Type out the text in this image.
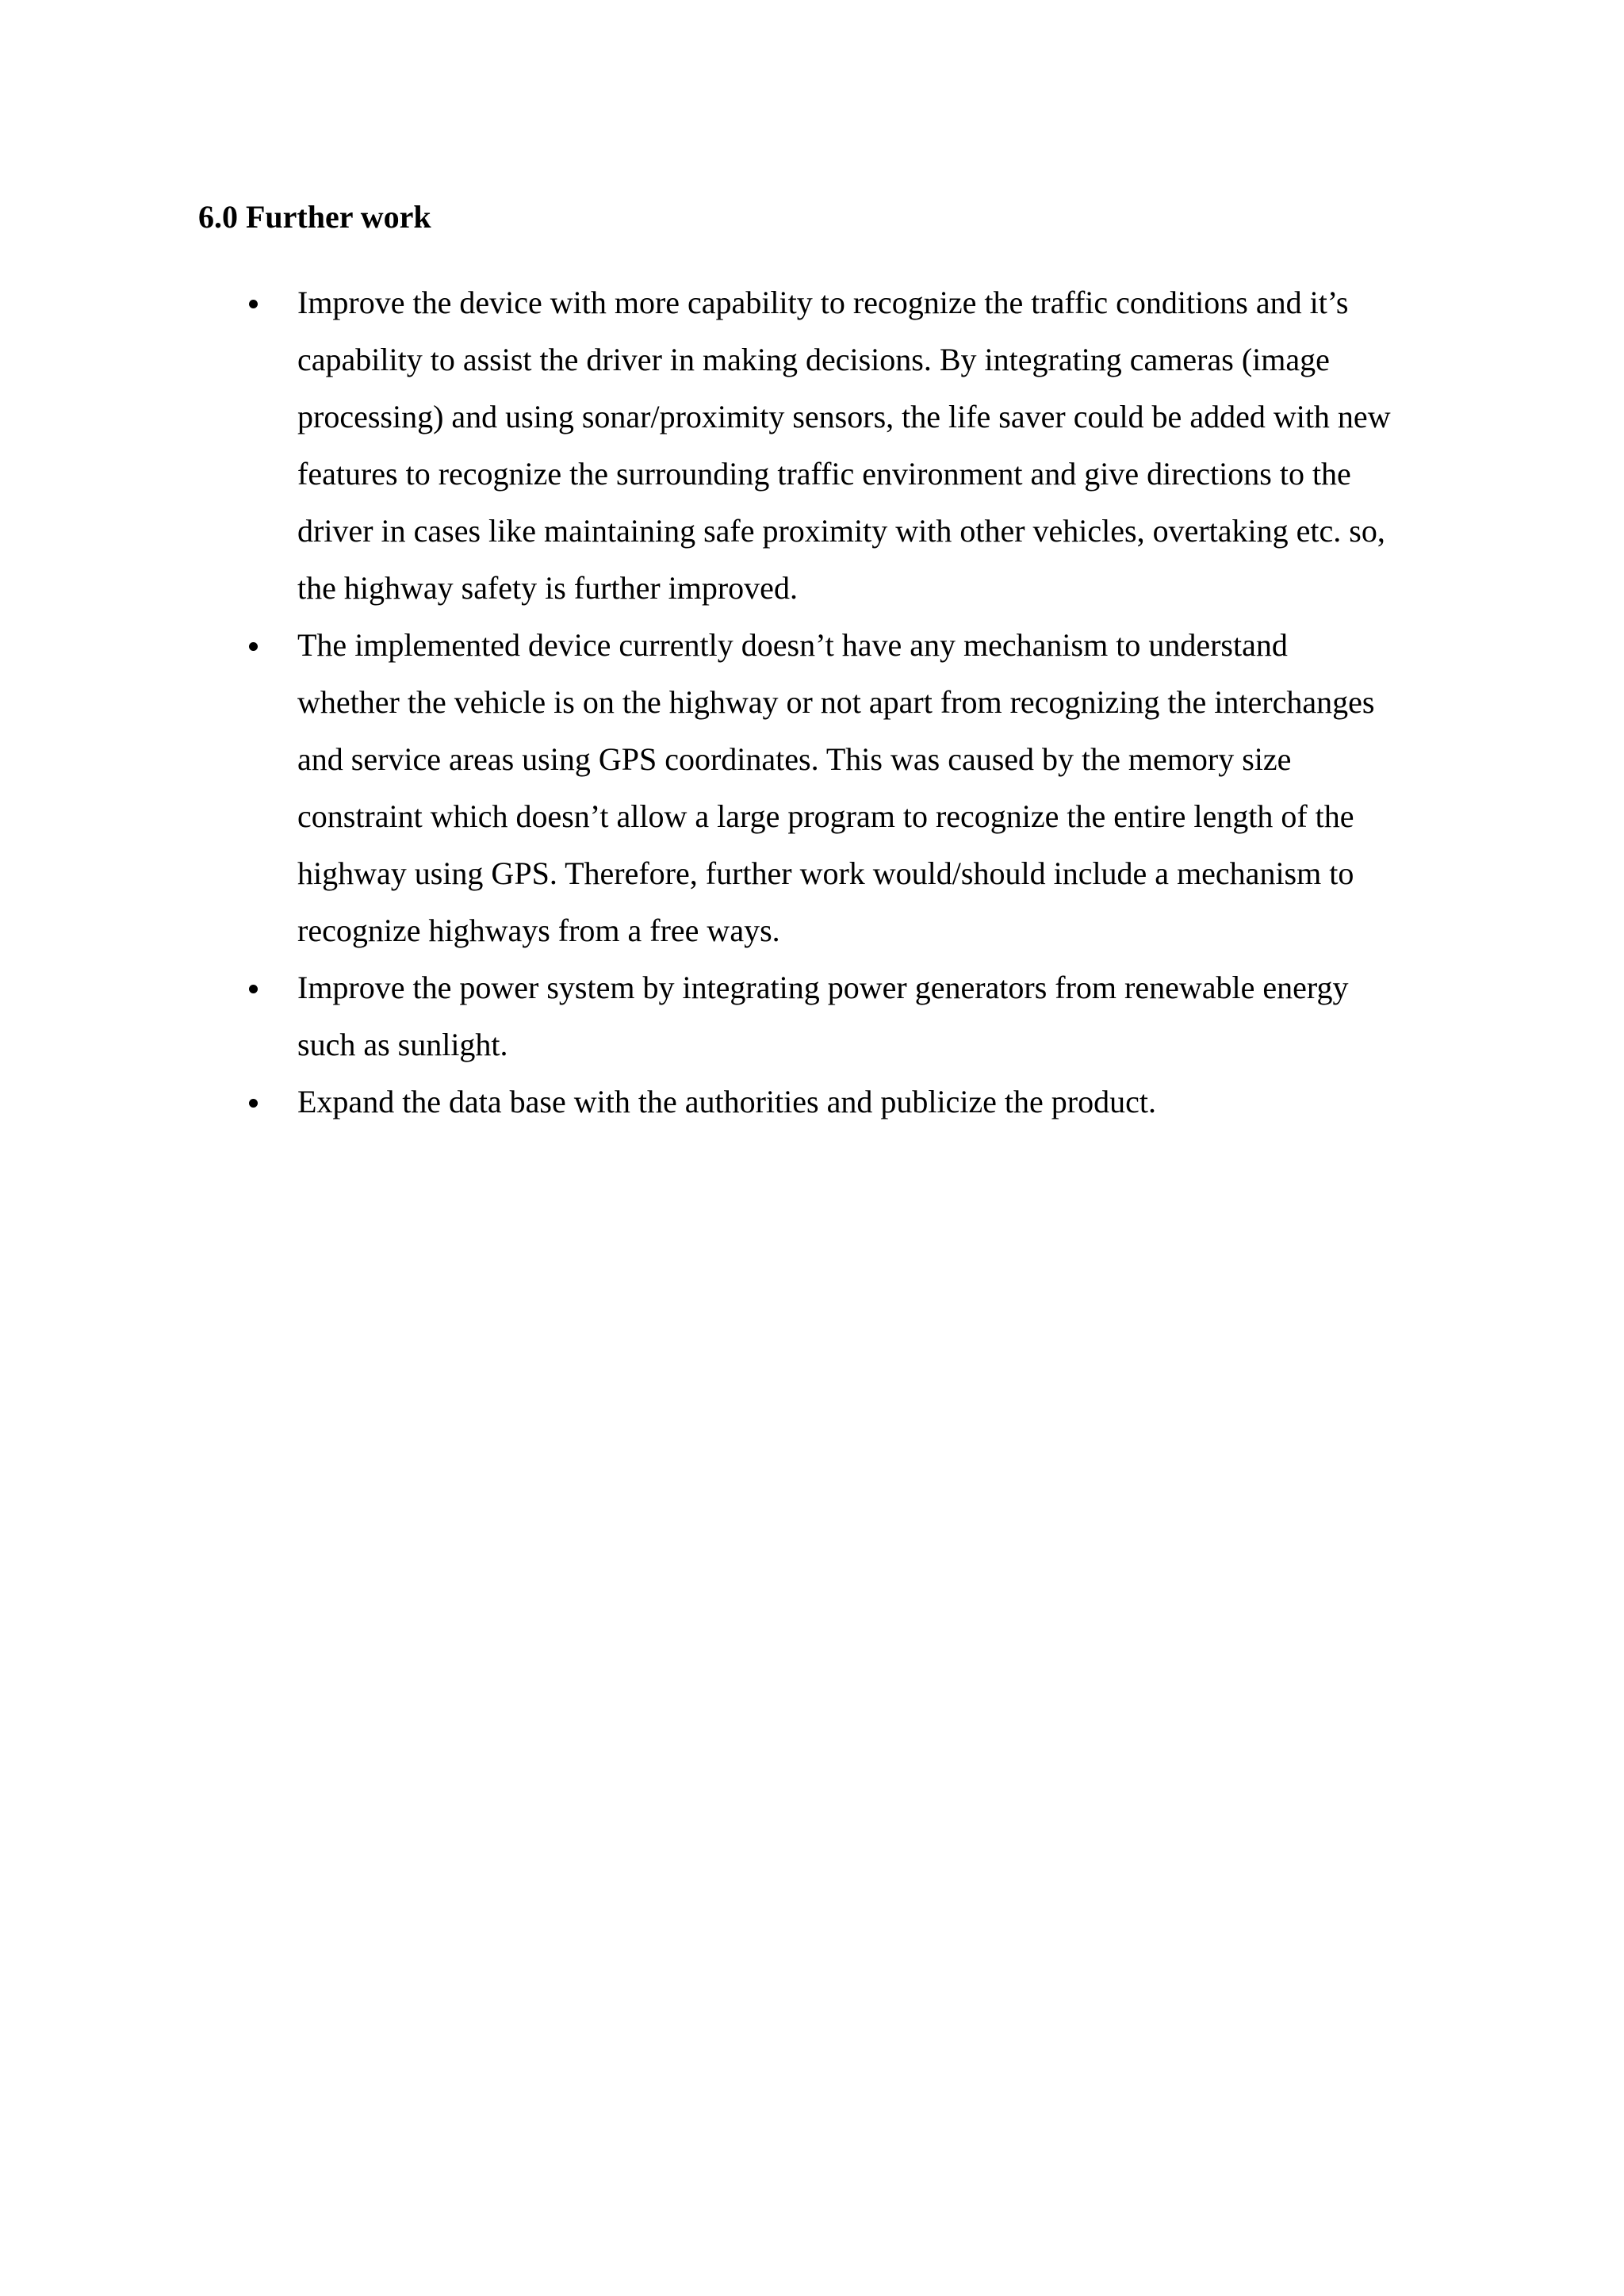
6.0 Further work
Improve the device with more capability to recognize the traffic conditions and it’s
capability to assist the driver in making decisions. By integrating cameras (image
processing) and using sonar/proximity sensors, the life saver could be added with new
features to recognize the surrounding traffic environment and give directions to the
driver in cases like maintaining safe proximity with other vehicles, overtaking etc. so,
the highway safety is further improved.
The implemented device currently doesn’t have any mechanism to understand
whether the vehicle is on the highway or not apart from recognizing the interchanges
and service areas using GPS coordinates. This was caused by the memory size
constraint which doesn’t allow a large program to recognize the entire length of the
highway using GPS. Therefore, further work would/should include a mechanism to
recognize highways from a free ways.
Improve the power system by integrating power generators from renewable energy
such as sunlight.
Expand the data base with the authorities and publicize the product.
